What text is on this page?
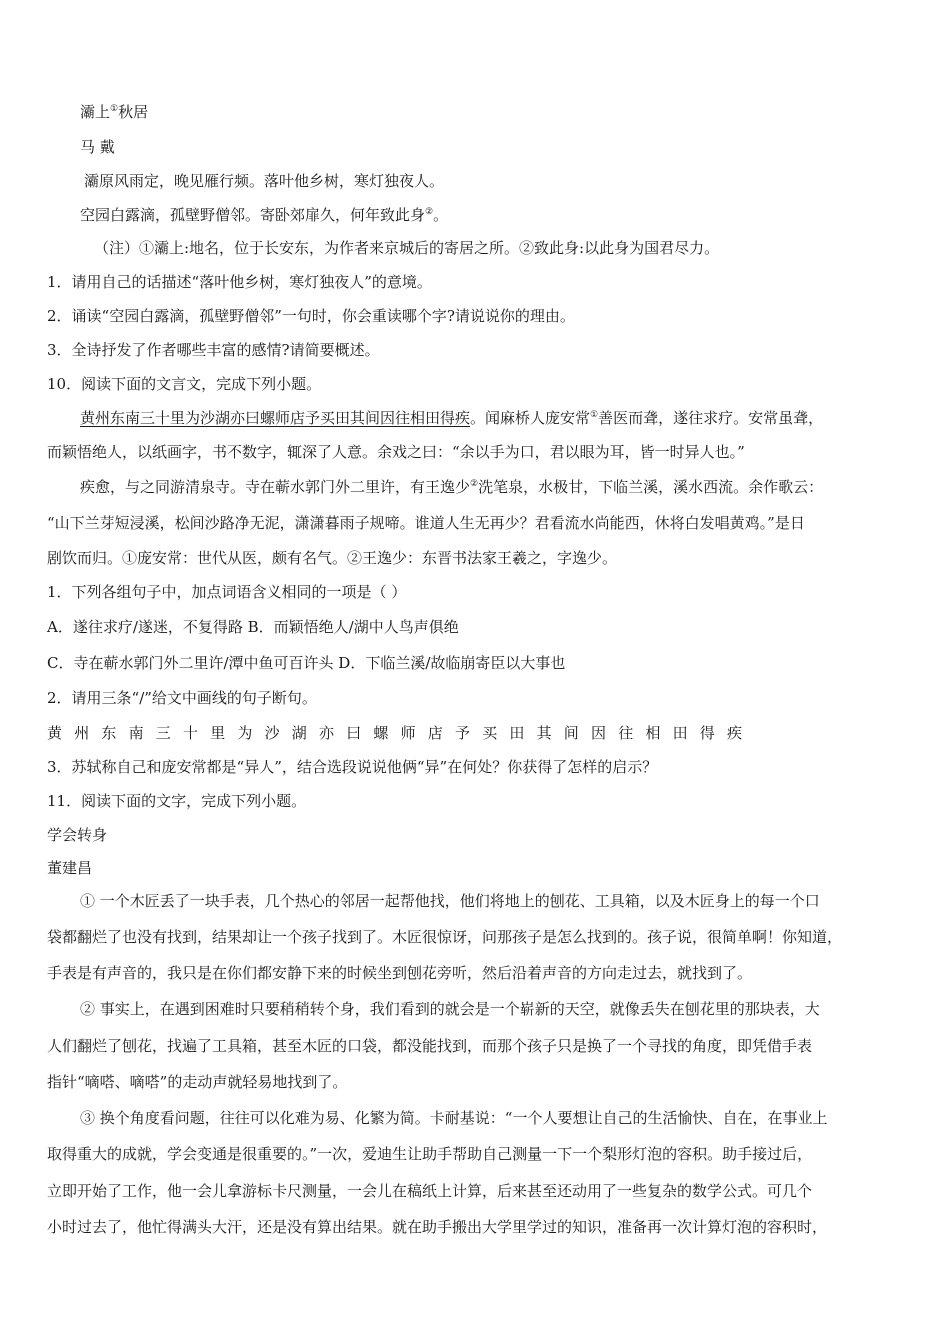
灞上①秋居
马 戴
灞原风雨定，晚见雁行频。落叶他乡树，寒灯独夜人。
空园白露滴，孤壁野僧邻。寄卧郊扉久，何年致此身②。
（注）①灞上:地名，位于长安东，为作者来京城后的寄居之所。②致此身:以此身为国君尽力。
1．请用自己的话描述“落叶他乡树，寒灯独夜人”的意境。
2．诵读“空园白露滴，孤壁野僧邻”一句时，你会重读哪个字?请说说你的理由。
3．全诗抒发了作者哪些丰富的感情?请简要概述。
10．阅读下面的文言文，完成下列小题。
黄州东南三十里为沙湖亦曰螺师店予买田其间因往相田得疾。闻麻桥人庞安常①善医而聋，遂往求疗。安常虽聋，
而颖悟绝人，以纸画字，书不数字，辄深了人意。余戏之曰：“余以手为口，君以眼为耳，皆一时异人也。”
疾愈，与之同游清泉寺。寺在蕲水郭门外二里许，有王逸少②洗笔泉，水极甘，下临兰溪，溪水西流。余作歌云：
“山下兰芽短浸溪，松间沙路净无泥，潇潇暮雨子规啼。谁道人生无再少？君看流水尚能西，休将白发唱黄鸡。”是日
剧饮而归。①庞安常：世代从医，颇有名气。②王逸少：东晋书法家王羲之，字逸少。
1．下列各组句子中，加点词语含义相同的一项是（ ）
A．遂往求疗/遂迷，不复得路 B．而颖悟绝人/湖中人鸟声俱绝
C．寺在蕲水郭门外二里许/潭中鱼可百许头 D．下临兰溪/故临崩寄臣以大事也
2．请用三条“/”给文中画线的句子断句。
黄州东南三十里为沙湖亦曰螺师店予买田其间因往相田得疾
3．苏轼称自己和庞安常都是“异人”，结合选段说说他俩“异”在何处？你获得了怎样的启示？
11．阅读下面的文字，完成下列小题。
学会转身
董建昌
① 一个木匠丢了一块手表，几个热心的邻居一起帮他找，他们将地上的刨花、工具箱，以及木匠身上的每一个口
袋都翻烂了也没有找到，结果却让一个孩子找到了。木匠很惊讶，问那孩子是怎么找到的。孩子说，很简单啊！你知道，
手表是有声音的，我只是在你们都安静下来的时候坐到刨花旁听，然后沿着声音的方向走过去，就找到了。
② 事实上，在遇到困难时只要稍稍转个身，我们看到的就会是一个崭新的天空，就像丢失在刨花里的那块表，大
人们翻烂了刨花，找遍了工具箱，甚至木匠的口袋，都没能找到，而那个孩子只是换了一个寻找的角度，即凭借手表
指针“嘀嗒、嘀嗒”的走动声就轻易地找到了。
③ 换个角度看问题，往往可以化难为易、化繁为简。卡耐基说：“一个人要想让自己的生活愉快、自在，在事业上
取得重大的成就，学会变通是很重要的。”一次，爱迪生让助手帮助自己测量一下一个梨形灯泡的容积。助手接过后，
立即开始了工作，他一会儿拿游标卡尺测量，一会儿在稿纸上计算，后来甚至还动用了一些复杂的数学公式。可几个
小时过去了，他忙得满头大汗，还是没有算出结果。就在助手搬出大学里学过的知识，准备再一次计算灯泡的容积时，
